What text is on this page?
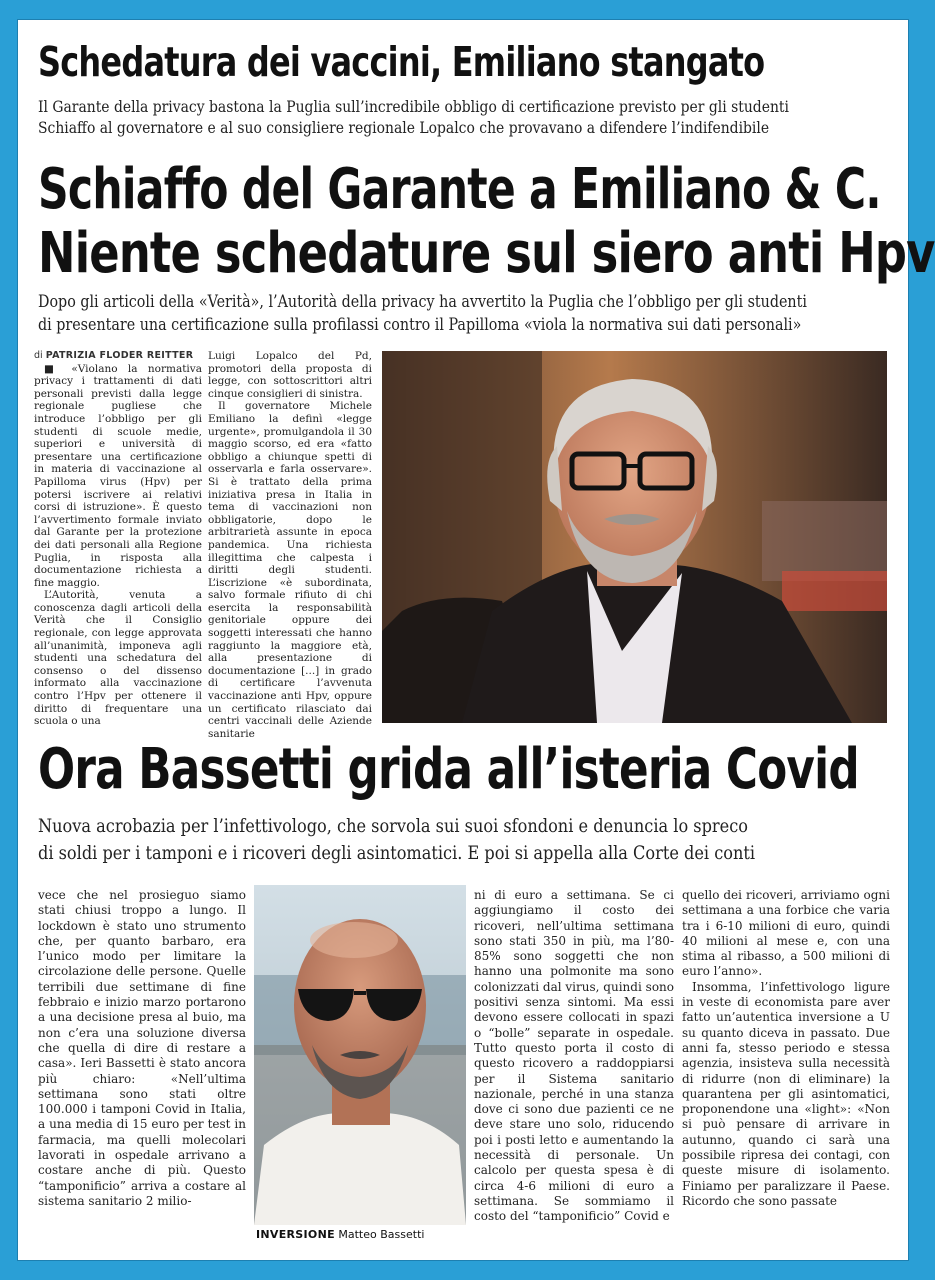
Schedatura dei vaccini, Emiliano stangato

Il Garante della privacy bastona la Puglia sull’incredibile obbligo di certificazione previsto per gli studenti

Schiaffo al governatore e al suo consigliere regionale Lopalco che provavano a difendere l’indifendibile

Schiaffo del Garante a Emiliano & C.
Niente schedature sul siero anti Hpv

Dopo gli articoli della «Verità», l’Autorità della privacy ha avvertito la Puglia che l’obbligo per gli studenti

di presentare una certificazione sulla profilassi contro il Papilloma «viola la normativa sui dati personali»

di PATRIZIA FLODER REITTER

■ «Violano la normativa privacy i trattamenti di dati personali previsti dalla legge regionale pugliese che introduce l’obbligo per gli studenti di scuole medie, superiori e università di presentare una certificazione in materia di vaccinazione al Papilloma virus (Hpv) per potersi iscrivere ai relativi corsi di istruzione». È questo l’avvertimento formale inviato dal Garante per la protezione dei dati personali alla Regione Puglia, in risposta alla documentazione richiesta a fine maggio.

L’Autorità, venuta a conoscenza dagli articoli della Verità che il Consiglio regionale, con legge approvata all’unanimità, imponeva agli studenti una schedatura del consenso o del dissenso informato alla vaccinazione contro l’Hpv per ottenere il diritto di frequentare una scuola o una

Luigi Lopalco del Pd, promotori della proposta di legge, con sottoscrittori altri cinque consiglieri di sinistra.

Il governatore Michele Emiliano la definì «legge urgente», promulgandola il 30 maggio scorso, ed era «fatto obbligo a chiunque spetti di osservarla e farla osservare». Si è trattato della prima iniziativa presa in Italia in tema di vaccinazioni non obbligatorie, dopo le arbitrarietà assunte in epoca pandemica. Una richiesta illegittima che calpesta i diritti degli studenti. L’iscrizione «è subordinata, salvo formale rifiuto di chi esercita la responsabilità genitoriale oppure dei soggetti interessati che hanno raggiunto la maggiore età, alla presentazione di documentazione [...] in grado di certificare l’avvenuta vaccinazione anti Hpv, oppure un certificato rilasciato dai centri vaccinali delle Aziende sanitarie

Ora Bassetti grida all’isteria Covid

Nuova acrobazia per l’infettivologo, che sorvola sui suoi sfondoni e denuncia lo spreco

di soldi per i tamponi e i ricoveri degli asintomatici. E poi si appella alla Corte dei conti

vece che nel prosieguo siamo stati chiusi troppo a lungo. Il lockdown è stato uno strumento che, per quanto barbaro, era l’unico modo per limitare la circolazione delle persone. Quelle terribili due settimane di fine febbraio e inizio marzo portarono a una decisione presa al buio, ma non c’era una soluzione diversa che quella di dire di restare a casa». Ieri Bassetti è stato ancora più chiaro: «Nell’ultima settimana sono stati oltre 100.000 i tamponi Covid in Italia, a una media di 15 euro per test in farmacia, ma quelli molecolari lavorati in ospedale arrivano a costare anche di più. Questo “tamponificio” arriva a costare al sistema sanitario 2 milio-

INVERSIONE Matteo Bassetti

ni di euro a settimana. Se ci aggiungiamo il costo dei ricoveri, nell’ultima settimana sono stati 350 in più, ma l’80-85% sono soggetti che non hanno una polmonite ma sono colonizzati dal virus, quindi sono positivi senza sintomi. Ma essi devono essere collocati in spazi o “bolle” separate in ospedale. Tutto questo porta il costo di questo ricovero a raddoppiarsi per il Sistema sanitario nazionale, perché in una stanza dove ci sono due pazienti ce ne deve stare uno solo, riducendo poi i posti letto e aumentando la necessità di personale. Un calcolo per questa spesa è di circa 4-6 milioni di euro a settimana. Se sommiamo il costo del “tamponificio” Covid e

quello dei ricoveri, arriviamo ogni settimana a una forbice che varia tra i 6-10 milioni di euro, quindi 40 milioni al mese e, con una stima al ribasso, a 500 milioni di euro l’anno».

Insomma, l’infettivologo ligure in veste di economista pare aver fatto un’autentica inversione a U su quanto diceva in passato. Due anni fa, stesso periodo e stessa agenzia, insisteva sulla necessità di ridurre (non di eliminare) la quarantena per gli asintomatici, proponendone una «light»: «Non si può pensare di arrivare in autunno, quando ci sarà una possibile ripresa dei contagi, con queste misure di isolamento. Finiamo per paralizzare il Paese. Ricordo che sono passate
